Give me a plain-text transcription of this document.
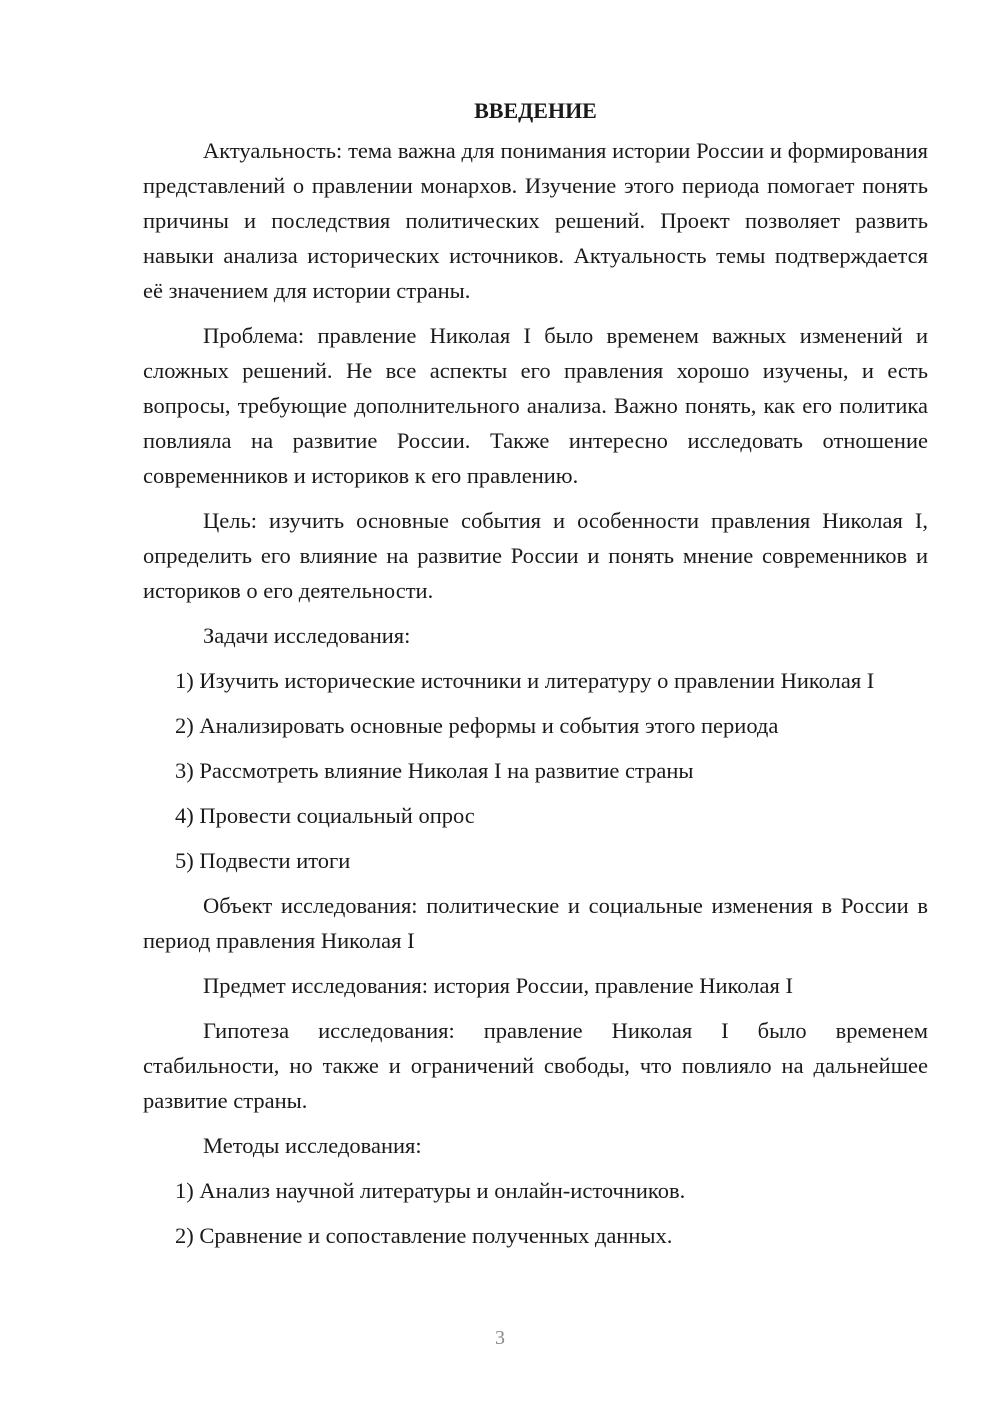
ВВЕДЕНИЕ

Актуальность: тема важна для понимания истории России и формирования представлений о правлении монархов. Изучение этого периода помогает понять причины и последствия политических решений. Проект позволяет развить навыки анализа исторических источников. Актуальность темы подтверждается её значением для истории страны.

Проблема: правление Николая I было временем важных изменений и сложных решений. Не все аспекты его правления хорошо изучены, и есть вопросы, требующие дополнительного анализа. Важно понять, как его политика повлияла на развитие России. Также интересно исследовать отношение современников и историков к его правлению.

Цель: изучить основные события и особенности правления Николая I, определить его влияние на развитие России и понять мнение современников и историков о его деятельности.

Задачи исследования:

1) Изучить исторические источники и литературу о правлении Николая I

2) Анализировать основные реформы и события этого периода

3) Рассмотреть влияние Николая I на развитие страны

4) Провести социальный опрос

5) Подвести итоги

Объект исследования: политические и социальные изменения в России в период правления Николая I

Предмет исследования: история России, правление Николая I

Гипотеза исследования: правление Николая I было временем стабильности, но также и ограничений свободы, что повлияло на дальнейшее развитие страны.

Методы исследования:

1) Анализ научной литературы и онлайн-источников.

2) Сравнение и сопоставление полученных данных.

3
